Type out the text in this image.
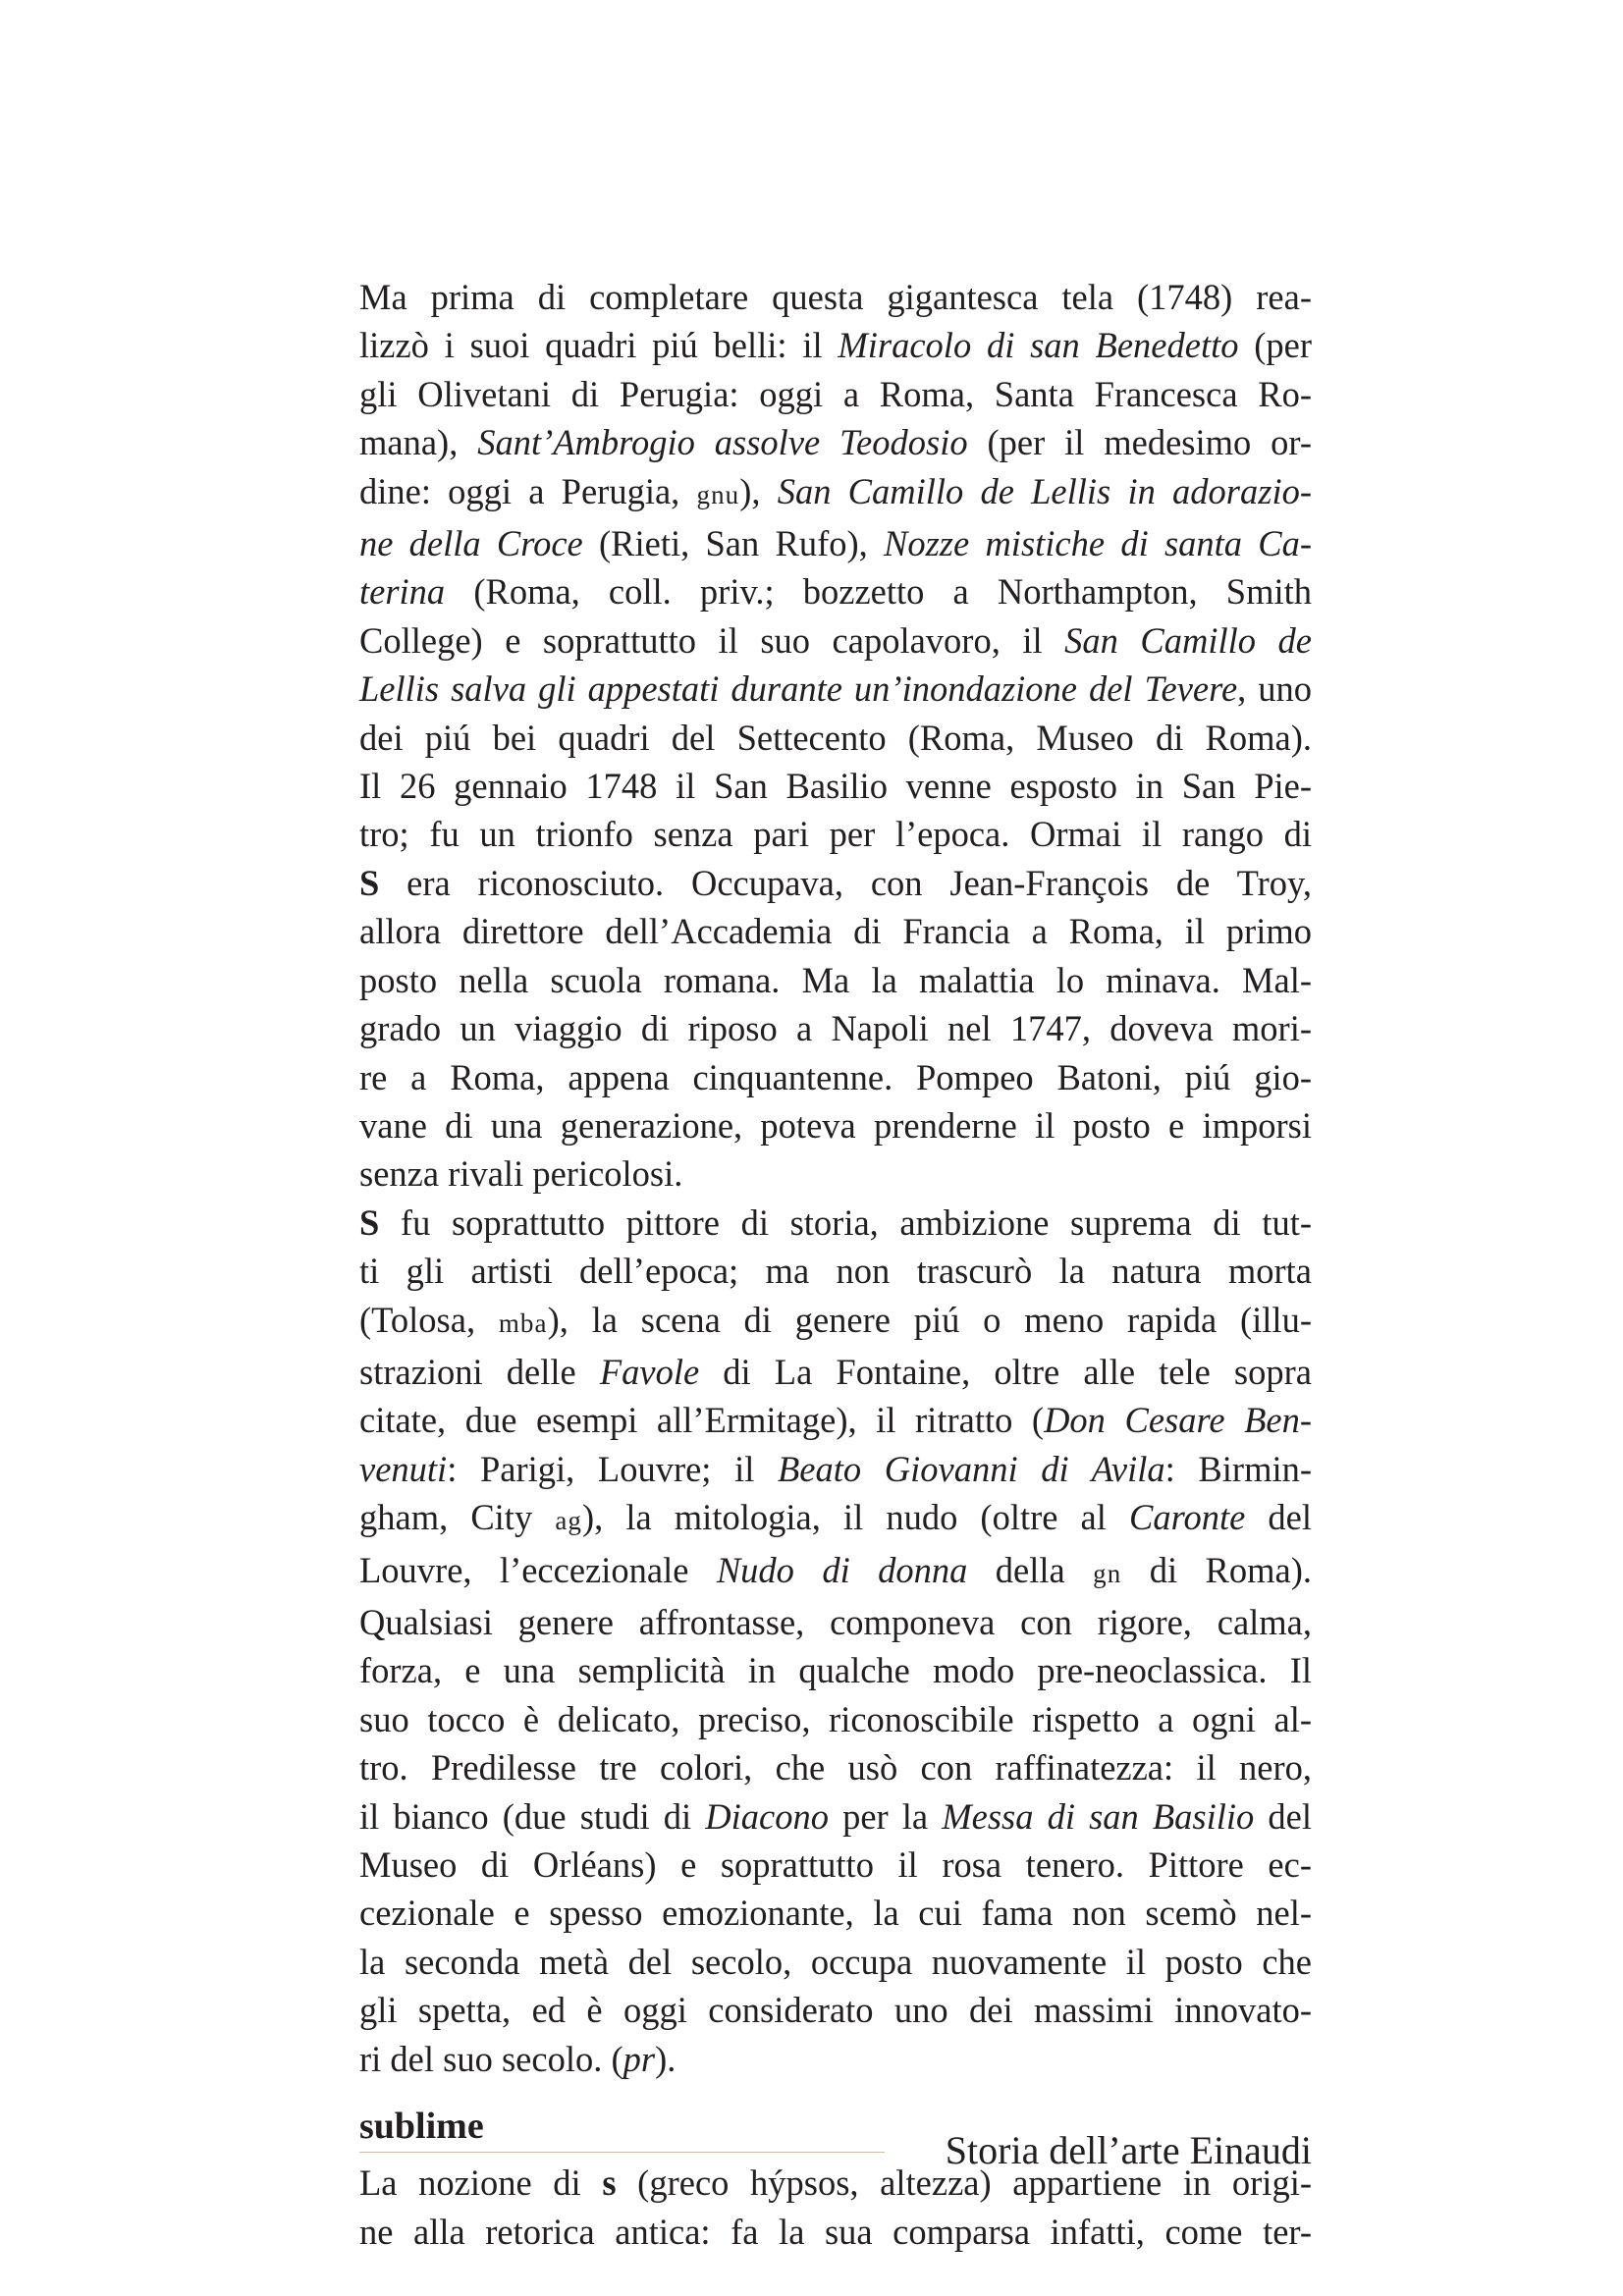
Ma prima di completare questa gigantesca tela (1748) rea-
lizzò i suoi quadri piú belli: il Miracolo di san Benedetto (per
gli Olivetani di Perugia: oggi a Roma, Santa Francesca Ro-
mana), Sant’Ambrogio assolve Teodosio (per il medesimo or-
dine: oggi a Perugia, gnu), San Camillo de Lellis in adorazio-
ne della Croce (Rieti, San Rufo), Nozze mistiche di santa Ca-
terina (Roma, coll. priv.; bozzetto a Northampton, Smith
College) e soprattutto il suo capolavoro, il San Camillo de
Lellis salva gli appestati durante un’inondazione del Tevere, uno
dei piú bei quadri del Settecento (Roma, Museo di Roma).
Il 26 gennaio 1748 il San Basilio venne esposto in San Pie-
tro; fu un trionfo senza pari per l’epoca. Ormai il rango di
S era riconosciuto. Occupava, con Jean-François de Troy,
allora direttore dell’Accademia di Francia a Roma, il primo
posto nella scuola romana. Ma la malattia lo minava. Mal-
grado un viaggio di riposo a Napoli nel 1747, doveva mori-
re a Roma, appena cinquantenne. Pompeo Batoni, piú gio-
vane di una generazione, poteva prenderne il posto e imporsi
senza rivali pericolosi.
S fu soprattutto pittore di storia, ambizione suprema di tut-
ti gli artisti dell’epoca; ma non trascurò la natura morta
(Tolosa, mba), la scena di genere piú o meno rapida (illu-
strazioni delle Favole di La Fontaine, oltre alle tele sopra
citate, due esempi all’Ermitage), il ritratto (Don Cesare Ben-
venuti: Parigi, Louvre; il Beato Giovanni di Avila: Birmin-
gham, City ag), la mitologia, il nudo (oltre al Caronte del
Louvre, l’eccezionale Nudo di donna della gn di Roma).
Qualsiasi genere affrontasse, componeva con rigore, calma,
forza, e una semplicità in qualche modo pre-neoclassica. Il
suo tocco è delicato, preciso, riconoscibile rispetto a ogni al-
tro. Predilesse tre colori, che usò con raffinatezza: il nero,
il bianco (due studi di Diacono per la Messa di san Basilio del
Museo di Orléans) e soprattutto il rosa tenero. Pittore ec-
cezionale e spesso emozionante, la cui fama non scemò nel-
la seconda metà del secolo, occupa nuovamente il posto che
gli spetta, ed è oggi considerato uno dei massimi innovato-
ri del suo secolo. (pr).
sublime
La nozione di s (greco hýpsos, altezza) appartiene in origi-
ne alla retorica antica: fa la sua comparsa infatti, come ter-
Storia dell’arte Einaudi
